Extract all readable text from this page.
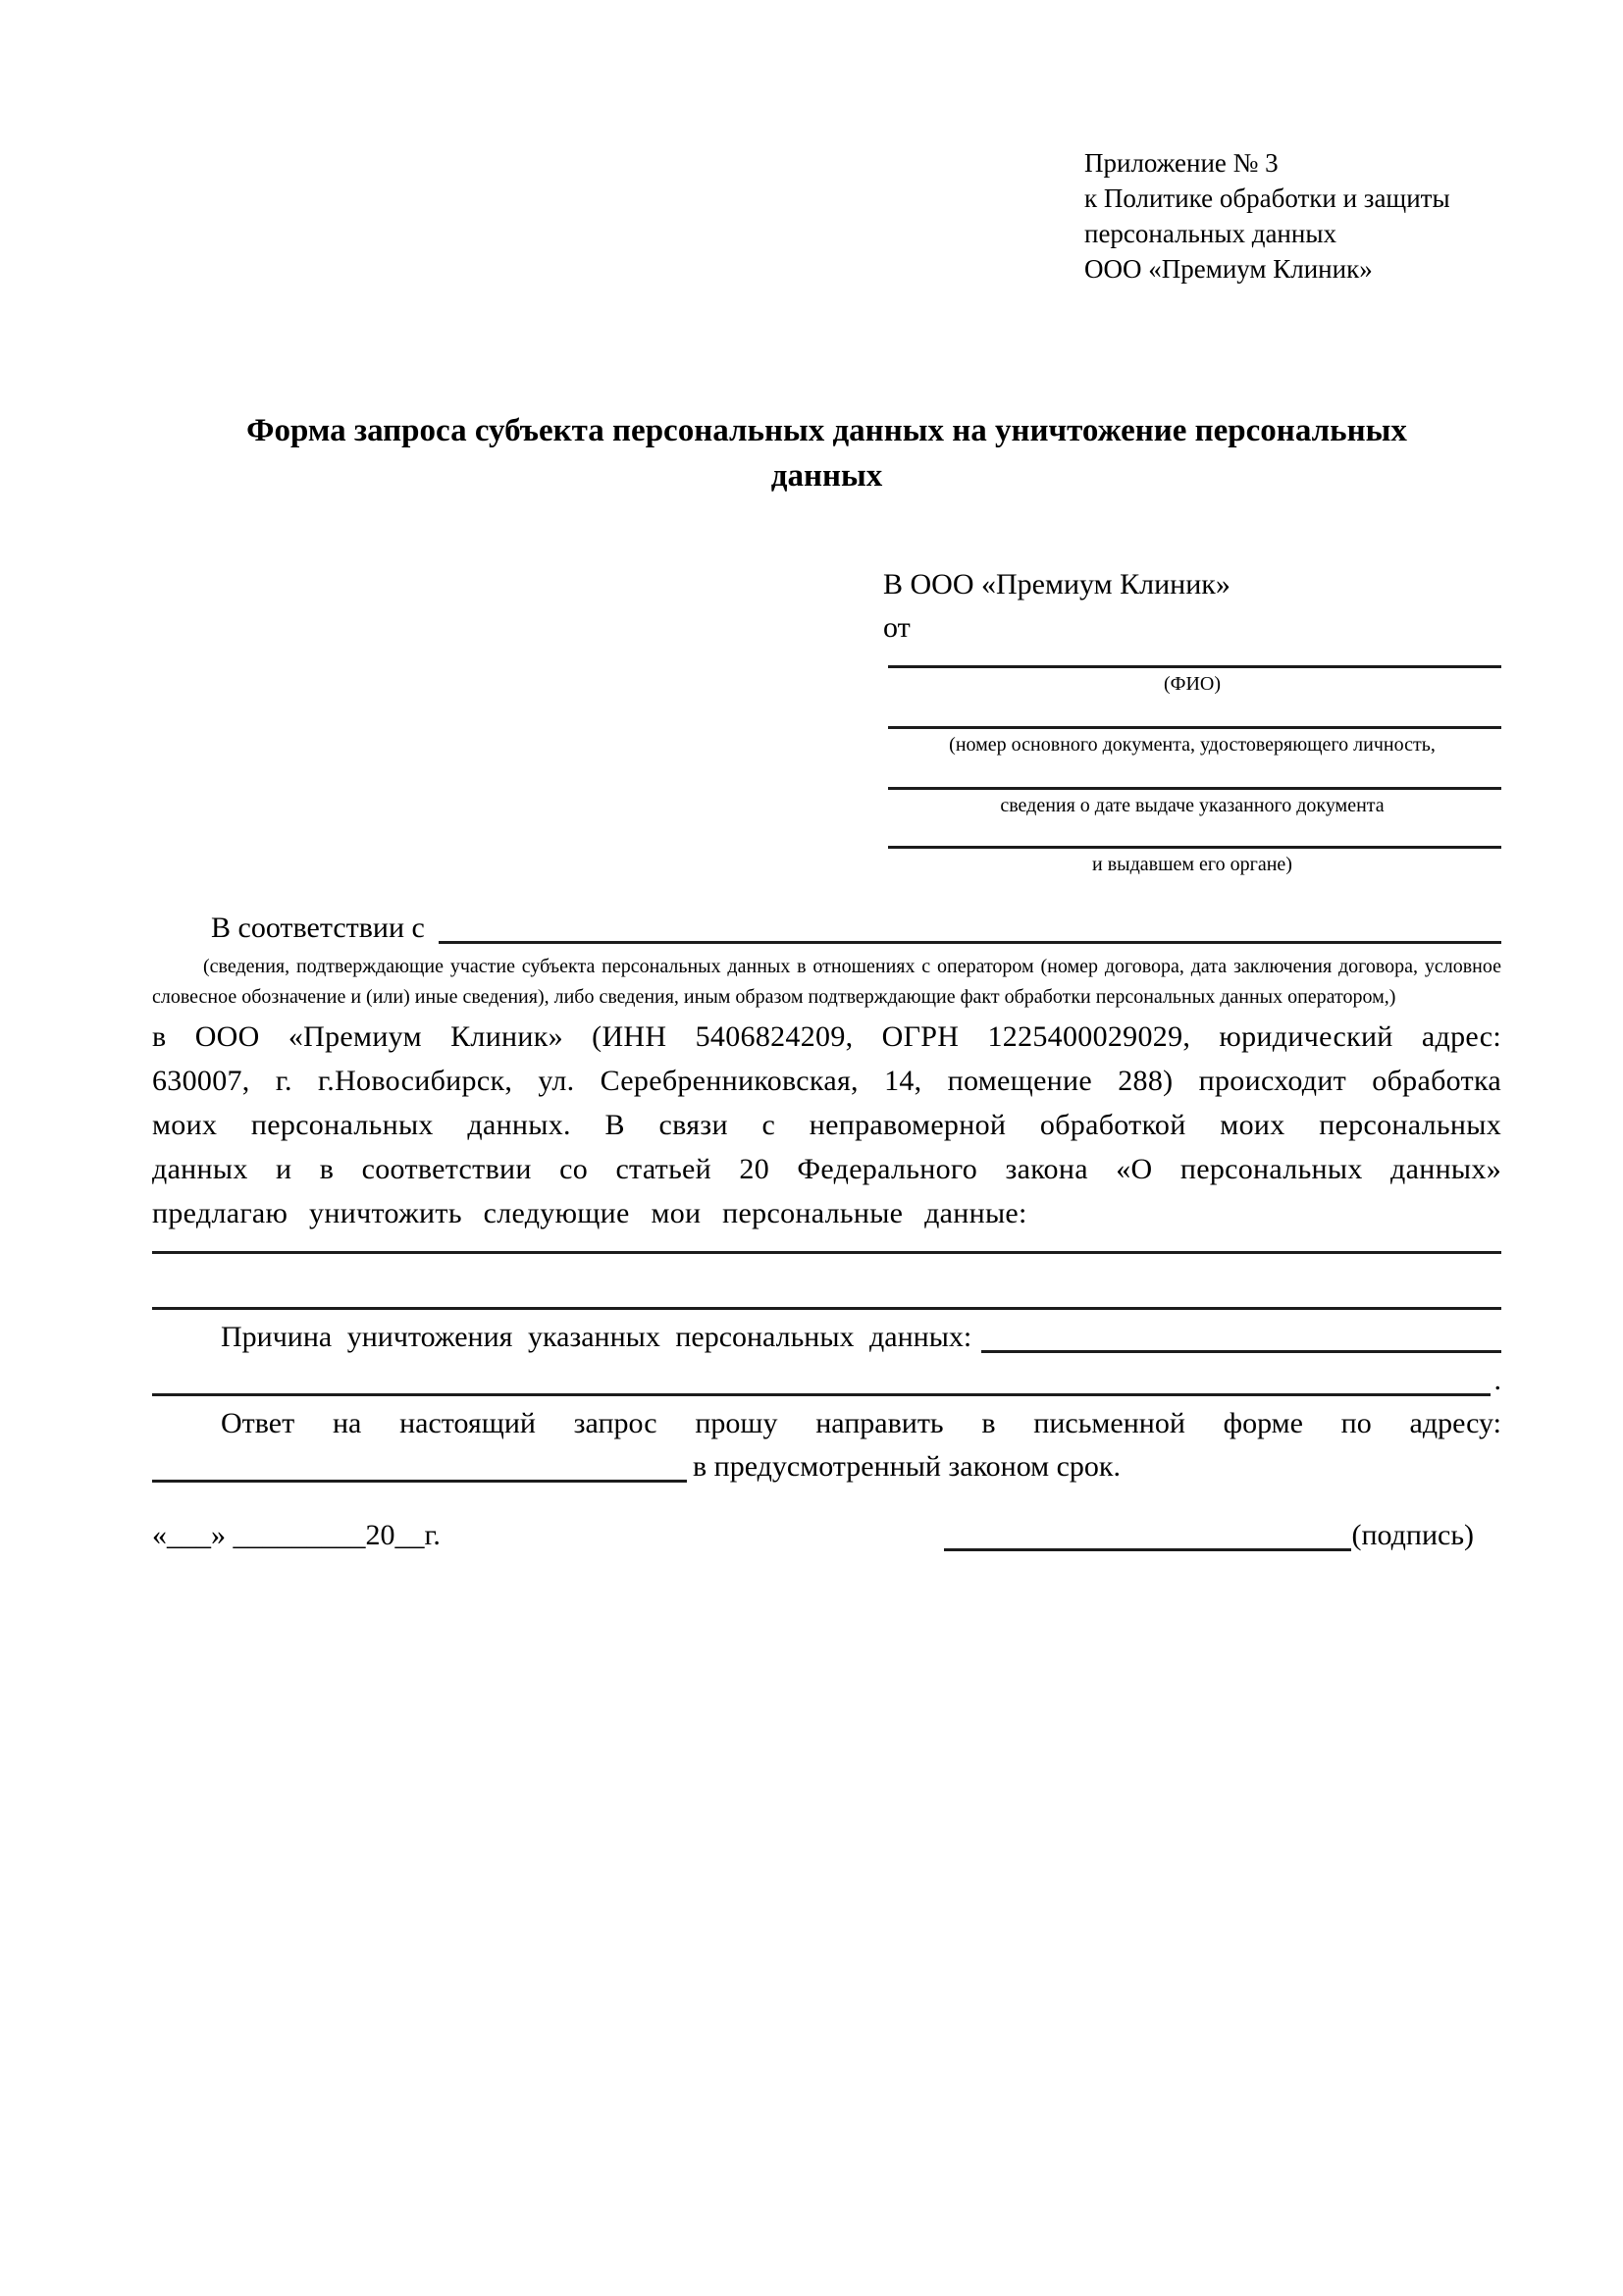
Приложение № 3
к Политике обработки и защиты
персональных данных
ООО «Премиум Клиник»
Форма запроса субъекта персональных данных на уничтожение персональных данных
В ООО «Премиум Клиник»
от
(ФИО)
(номер основного документа, удостоверяющего личность,
сведения о дате выдаче указанного документа
и выдавшем его органе)
В соответствии с
(сведения, подтверждающие участие субъекта персональных данных в отношениях с оператором (номер договора, дата заключения договора, условное словесное обозначение и (или) иные сведения), либо сведения, иным образом подтверждающие факт обработки персональных данных оператором,)
в ООО «Премиум Клиник» (ИНН 5406824209, ОГРН 1225400029029, юридический адрес: 630007, г. г.Новосибирск, ул. Серебренниковская, 14, помещение 288) происходит обработка моих персональных данных. В связи с неправомерной обработкой моих персональных данных и в соответствии со статьей 20 Федерального закона «О персональных данных» предлагаю уничтожить следующие мои персональные данные:
Причина уничтожения указанных персональных данных:
.
Ответ на настоящий запрос прошу направить в письменной форме по адресу:
в предусмотренный законом срок.
«___» _________20__г.	(подпись)
